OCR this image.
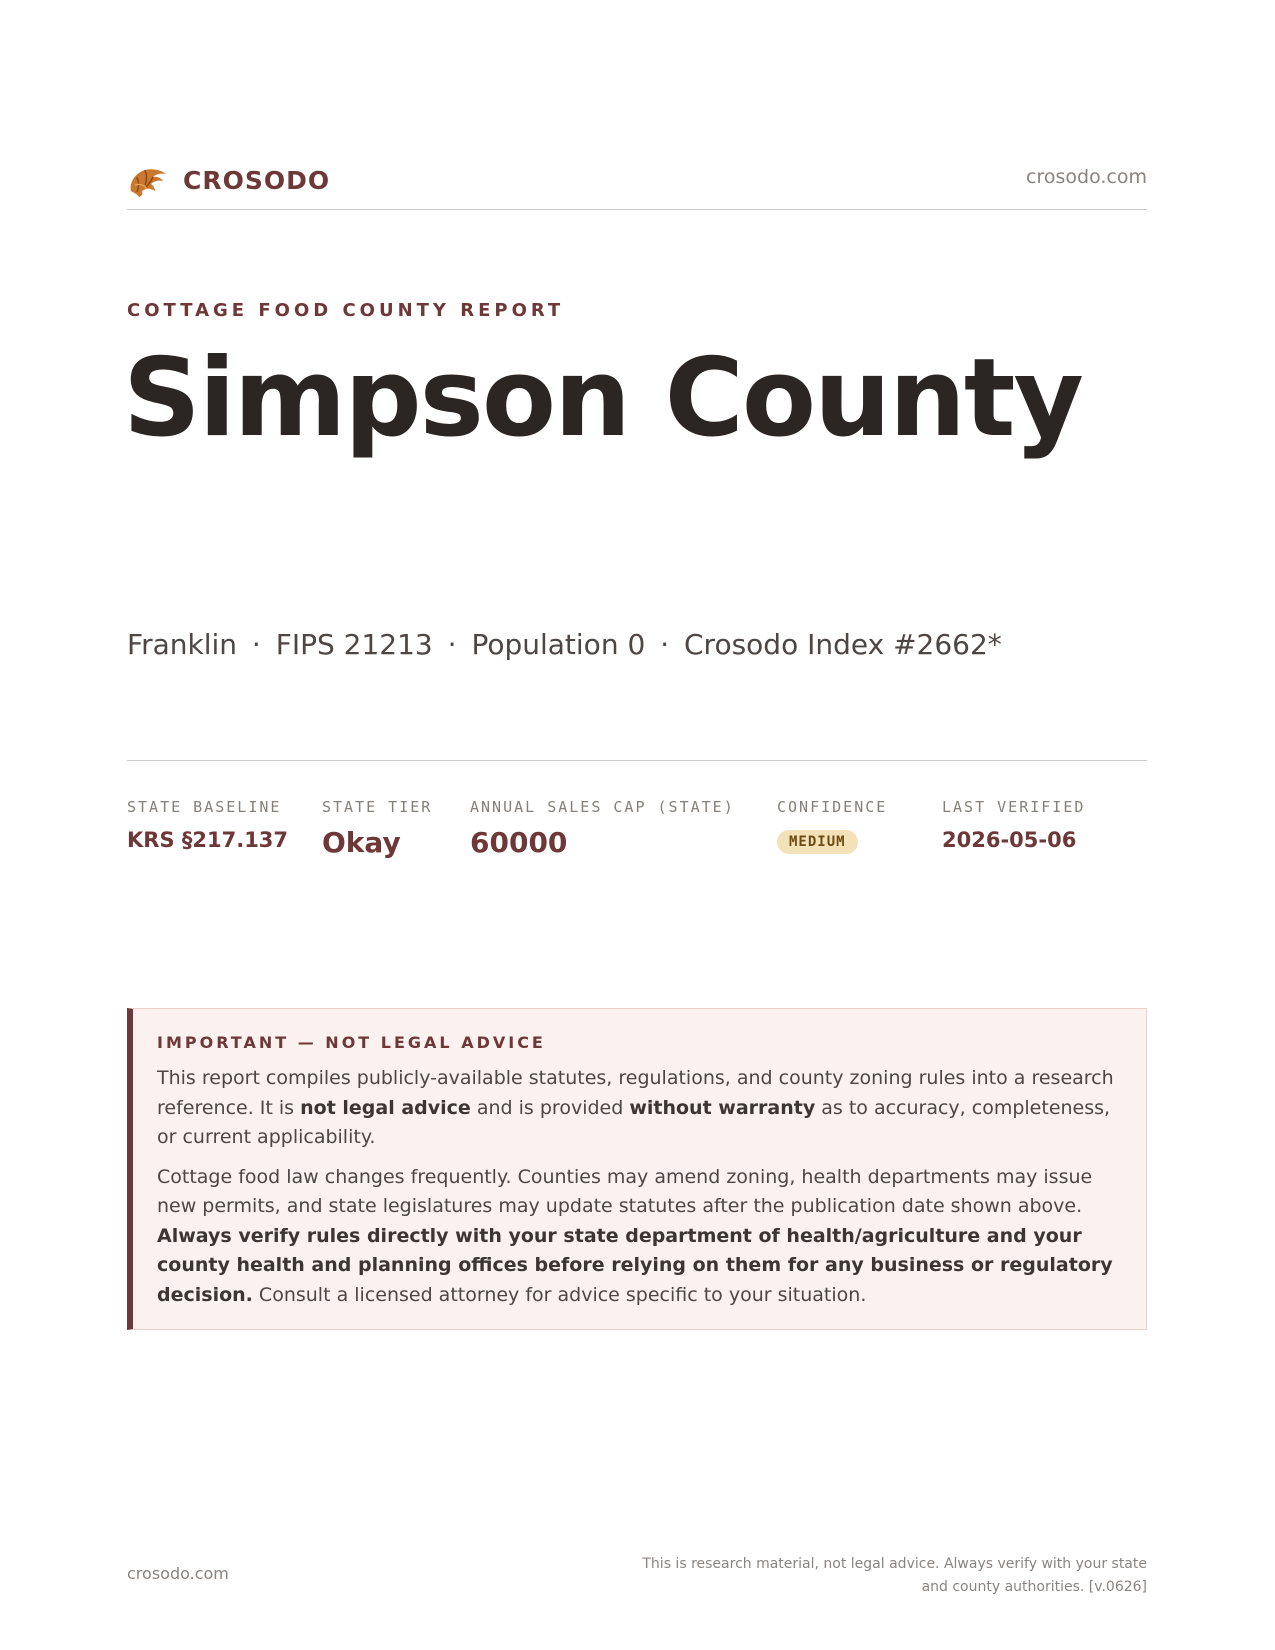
CROSODO	crosodo.com
COTTAGE FOOD COUNTY REPORT
Simpson County
Franklin · FIPS 21213 · Population 0 · Crosodo Index #2662*
STATE BASELINE
KRS §217.137
STATE TIER
Okay
ANNUAL SALES CAP (STATE)
60000
CONFIDENCE
MEDIUM
LAST VERIFIED
2026-05-06
IMPORTANT — NOT LEGAL ADVICE

This report compiles publicly-available statutes, regulations, and county zoning rules into a research reference. It is not legal advice and is provided without warranty as to accuracy, completeness, or current applicability.

Cottage food law changes frequently. Counties may amend zoning, health departments may issue new permits, and state legislatures may update statutes after the publication date shown above. Always verify rules directly with your state department of health/agriculture and your county health and planning offices before relying on them for any business or regulatory decision. Consult a licensed attorney for advice specific to your situation.

crosodo.com	This is research material, not legal advice. Always verify with your state
and county authorities. [v.0626]
